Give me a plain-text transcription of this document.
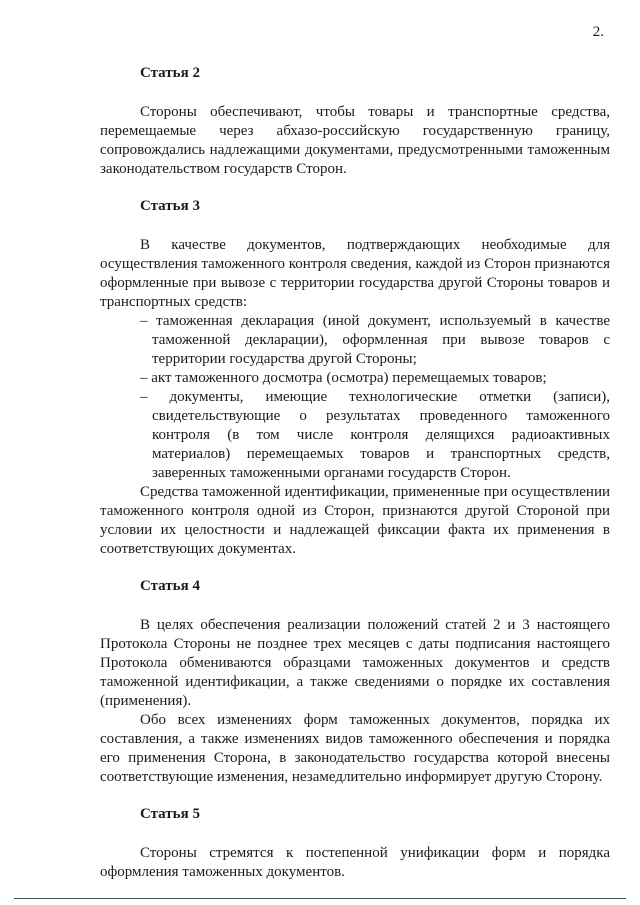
2.
Статья 2

Стороны обеспечивают, чтобы товары и транспортные средства, перемещаемые через абхазо-российскую государственную границу, сопровождались надлежащими документами, предусмотренными таможенным законодательством государств Сторон.

Статья 3

В качестве документов, подтверждающих необходимые для осуществления таможенного контроля сведения, каждой из Сторон признаются оформленные при вывозе с территории государства другой Стороны товаров и транспортных средств:

– таможенная декларация (иной документ, используемый в качестве таможенной декларации), оформленная при вывозе товаров с территории государства другой Стороны;

– акт таможенного досмотра (осмотра) перемещаемых товаров;

– документы, имеющие технологические отметки (записи), свидетельствующие о результатах проведенного таможенного контроля (в том числе контроля делящихся радиоактивных материалов) перемещаемых товаров и транспортных средств, заверенных таможенными органами государств Сторон.

Средства таможенной идентификации, примененные при осуществлении таможенного контроля одной из Сторон, признаются другой Стороной при условии их целостности и надлежащей фиксации факта их применения в соответствующих документах.

Статья 4

В целях обеспечения реализации положений статей 2 и 3 настоящего Протокола Стороны не позднее трех месяцев с даты подписания настоящего Протокола обмениваются образцами таможенных документов и средств таможенной идентификации, а также сведениями о порядке их составления (применения).

Обо всех изменениях форм таможенных документов, порядка их составления, а также изменениях видов таможенного обеспечения и порядка его применения Сторона, в законодательство государства которой внесены соответствующие изменения, незамедлительно информирует другую Сторону.

Статья 5

Стороны стремятся к постепенной унификации форм и порядка оформления таможенных документов.
